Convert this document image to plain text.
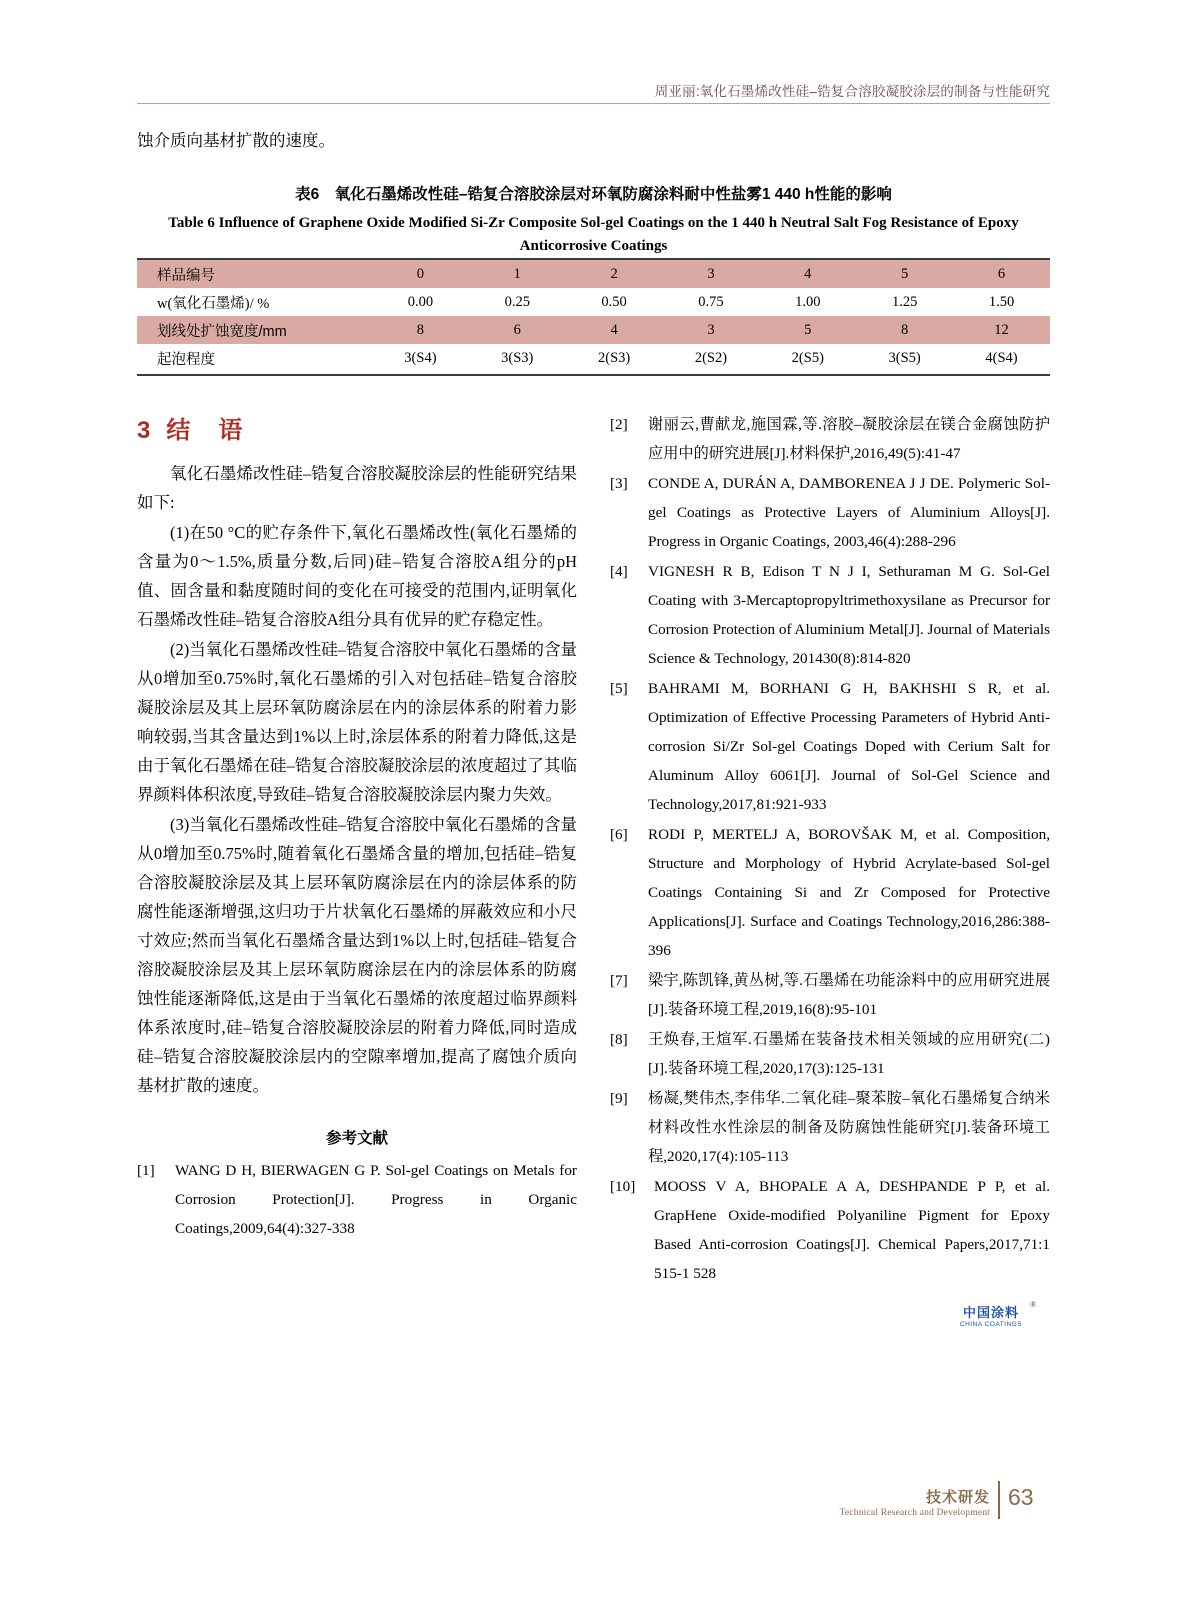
周亚丽:氧化石墨烯改性硅–锆复合溶胶凝胶涂层的制备与性能研究
蚀介质向基材扩散的速度。
表6　氧化石墨烯改性硅–锆复合溶胶涂层对环氧防腐涂料耐中性盐雾1 440 h性能的影响
Table 6 Influence of Graphene Oxide Modified Si-Zr Composite Sol-gel Coatings on the 1 440 h Neutral Salt Fog Resistance of Epoxy Anticorrosive Coatings
样品编号	0	1	2	3	4	5	6
w(氧化石墨烯)/ %	0.00	0.25	0.50	0.75	1.00	1.25	1.50
划线处扩蚀宽度/mm	8	6	4	3	5	8	12
起泡程度	3(S4)	3(S3)	2(S3)	2(S2)	2(S5)	3(S5)	4(S4)
3 结　语

氧化石墨烯改性硅–锆复合溶胶凝胶涂层的性能研究结果如下:

(1)在50 °C的贮存条件下,氧化石墨烯改性(氧化石墨烯的含量为0～1.5%,质量分数,后同)硅–锆复合溶胶A组分的pH值、固含量和黏度随时间的变化在可接受的范围内,证明氧化石墨烯改性硅–锆复合溶胶A组分具有优异的贮存稳定性。

(2)当氧化石墨烯改性硅–锆复合溶胶中氧化石墨烯的含量从0增加至0.75%时,氧化石墨烯的引入对包括硅–锆复合溶胶凝胶涂层及其上层环氧防腐涂层在内的涂层体系的附着力影响较弱,当其含量达到1%以上时,涂层体系的附着力降低,这是由于氧化石墨烯在硅–锆复合溶胶凝胶涂层的浓度超过了其临界颜料体积浓度,导致硅–锆复合溶胶凝胶涂层内聚力失效。

(3)当氧化石墨烯改性硅–锆复合溶胶中氧化石墨烯的含量从0增加至0.75%时,随着氧化石墨烯含量的增加,包括硅–锆复合溶胶凝胶涂层及其上层环氧防腐涂层在内的涂层体系的防腐性能逐渐增强,这归功于片状氧化石墨烯的屏蔽效应和小尺寸效应;然而当氧化石墨烯含量达到1%以上时,包括硅–锆复合溶胶凝胶涂层及其上层环氧防腐涂层在内的涂层体系的防腐蚀性能逐渐降低,这是由于当氧化石墨烯的浓度超过临界颜料体系浓度时,硅–锆复合溶胶凝胶涂层的附着力降低,同时造成硅–锆复合溶胶凝胶涂层内的空隙率增加,提高了腐蚀介质向基材扩散的速度。

参考文献
[1]	WANG D H, BIERWAGEN G P. Sol-gel Coatings on Metals for Corrosion Protection[J]. Progress in Organic Coatings,2009,64(4):327-338
[2]	谢丽云,曹献龙,施国霖,等.溶胶–凝胶涂层在镁合金腐蚀防护应用中的研究进展[J].材料保护,2016,49(5):41-47
[3]	CONDE A, DURÁN A, DAMBORENEA J J DE. Polymeric Sol-gel Coatings as Protective Layers of Aluminium Alloys[J]. Progress in Organic Coatings, 2003,46(4):288-296
[4]	VIGNESH R B, Edison T N J I, Sethuraman M G. Sol-Gel Coating with 3-Mercaptopropyltrimethoxysilane as Precursor for Corrosion Protection of Aluminium Metal[J]. Journal of Materials Science & Technology, 201430(8):814-820
[5]	BAHRAMI M, BORHANI G H, BAKHSHI S R, et al. Optimization of Effective Processing Parameters of Hybrid Anti-corrosion Si/Zr Sol-gel Coatings Doped with Cerium Salt for Aluminum Alloy 6061[J]. Journal of Sol-Gel Science and Technology,2017,81:921-933
[6]	RODI P, MERTELJ A, BOROVŠAK M, et al. Composition, Structure and Morphology of Hybrid Acrylate-based Sol-gel Coatings Containing Si and Zr Composed for Protective Applications[J]. Surface and Coatings Technology,2016,286:388-396
[7]	梁宇,陈凯锋,黄丛树,等.石墨烯在功能涂料中的应用研究进展[J].装备环境工程,2019,16(8):95-101
[8]	王焕春,王煊军.石墨烯在装备技术相关领域的应用研究(二)[J].装备环境工程,2020,17(3):125-131
[9]	杨凝,樊伟杰,李伟华.二氧化硅–聚苯胺–氧化石墨烯复合纳米材料改性水性涂层的制备及防腐蚀性能研究[J].装备环境工程,2020,17(4):105-113
[10]	MOOSS V A, BHOPALE A A, DESHPANDE P P, et al. GrapHene Oxide-modified Polyaniline Pigment for Epoxy Based Anti-corrosion Coatings[J]. Chemical Papers,2017,71:1 515-1 528
中国涂料
CHINA COATINGS
®
技术研发
Technical Research and Development
63
